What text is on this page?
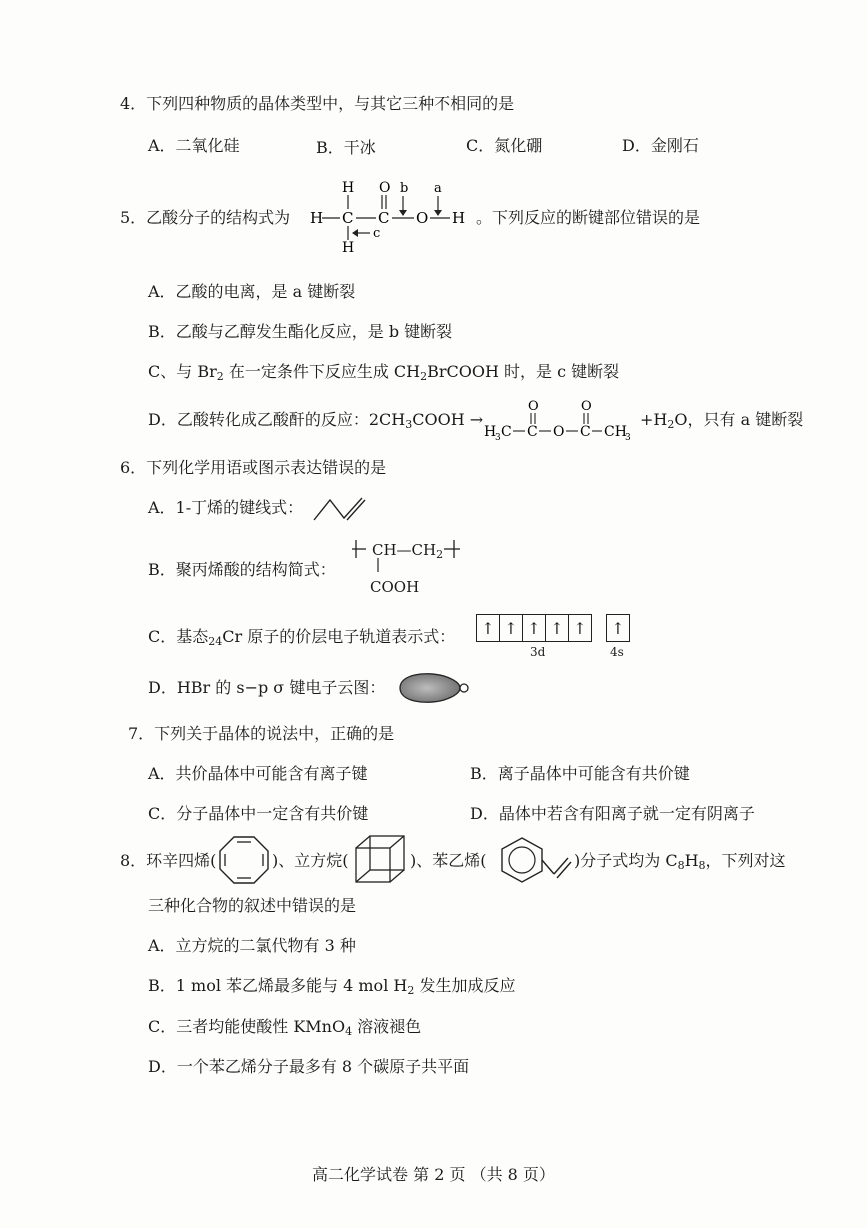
4．下列四种物质的晶体类型中，与其它三种不相同的是
A．二氧化硅	B．干冰	C．氮化硼	D．金刚石
5．乙酸分子的结构式为 H C
H
H
C
O
O H
b a
c
。下列反应的断键部位错误的是
A．乙酸的电离，是 a 键断裂
B．乙酸与乙醇发生酯化反应，是 b 键断裂
C、与 $Br_2$ 在一定条件下反应生成 $CH_2BrCOOH$ 时，是 c 键断裂
D．乙酸转化成乙酸酐的反应：$2CH_3COOH$ →
H
3 C C
O
O C
O
CH
3
$+H_2O$，只有 a 键断裂
6．下列化学用语或图示表达错误的是
A．1-丁烯的键线式：
B．聚丙烯酸的结构简式：
$CH—CH_2$
COOH
C．基态$_{24}$Cr 原子的价层电子轨道表示式： ↑ ↑ ↑ ↑ ↑ ↑
3d	4s
D．HBr 的 s−p σ 键电子云图：
7．下列关于晶体的说法中，正确的是
A．共价晶体中可能含有离子键	B．离子晶体中可能含有共价键
C．分子晶体中一定含有共价键	D．晶体中若含有阳离子就一定有阴离子
8．环辛四烯(	)、立方烷(	)、苯乙烯(	)分子式均为 $C_8H_8$，下列对这
三种化合物的叙述中错误的是
A．立方烷的二氯代物有 3 种
B．1 mol 苯乙烯最多能与 4 mol $H_2$ 发生加成反应
C．三者均能使酸性 KMnO$_4$ 溶液褪色
D．一个苯乙烯分子最多有 8 个碳原子共平面
高二化学试卷 第 2 页 （共 8 页）
